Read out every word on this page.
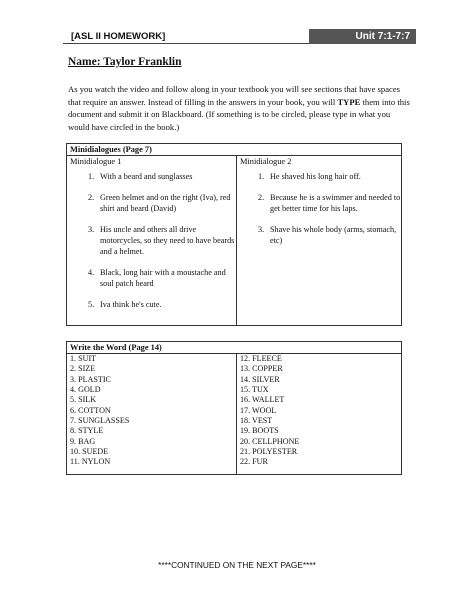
[ASL II HOMEWORK]	Unit 7:1-7:7
Name: Taylor Franklin
As you watch the video and follow along in your textbook you will see sections that have spaces that require an answer. Instead of filling in the answers in your book, you will TYPE them into this document and submit it on Blackboard. (If something is to be circled, please type in what you would have circled in the book.)
Minidialogues (Page 7)
Minidialogue 1
1. With a beard and sunglasses
2. Green helmet and on the right (Iva), red shirt and beard (David)
3. His uncle and others all drive motorcycles, so they need to have beards and a helmet.
4. Black, long hair with a moustache and soul patch beard
5. Iva think he's cute.
Minidialogue 2
1. He shaved his long hair off.
2. Because he is a swimmer and needed to get better time for his laps.
3. Shave his whole body (arms, stomach, etc)
Write the Word (Page 14)
1. SUIT
2. SIZE
3. PLASTIC
4. GOLD
5. SILK
6. COTTON
7. SUNGLASSES
8. STYLE
9. BAG
10. SUEDE
11. NYLON
12. FLEECE
13. COPPER
14. SILVER
15. TUX
16. WALLET
17. WOOL
18. VEST
19. BOOTS
20. CELLPHONE
21. POLYESTER
22. FUR
****CONTINUED ON THE NEXT PAGE****
